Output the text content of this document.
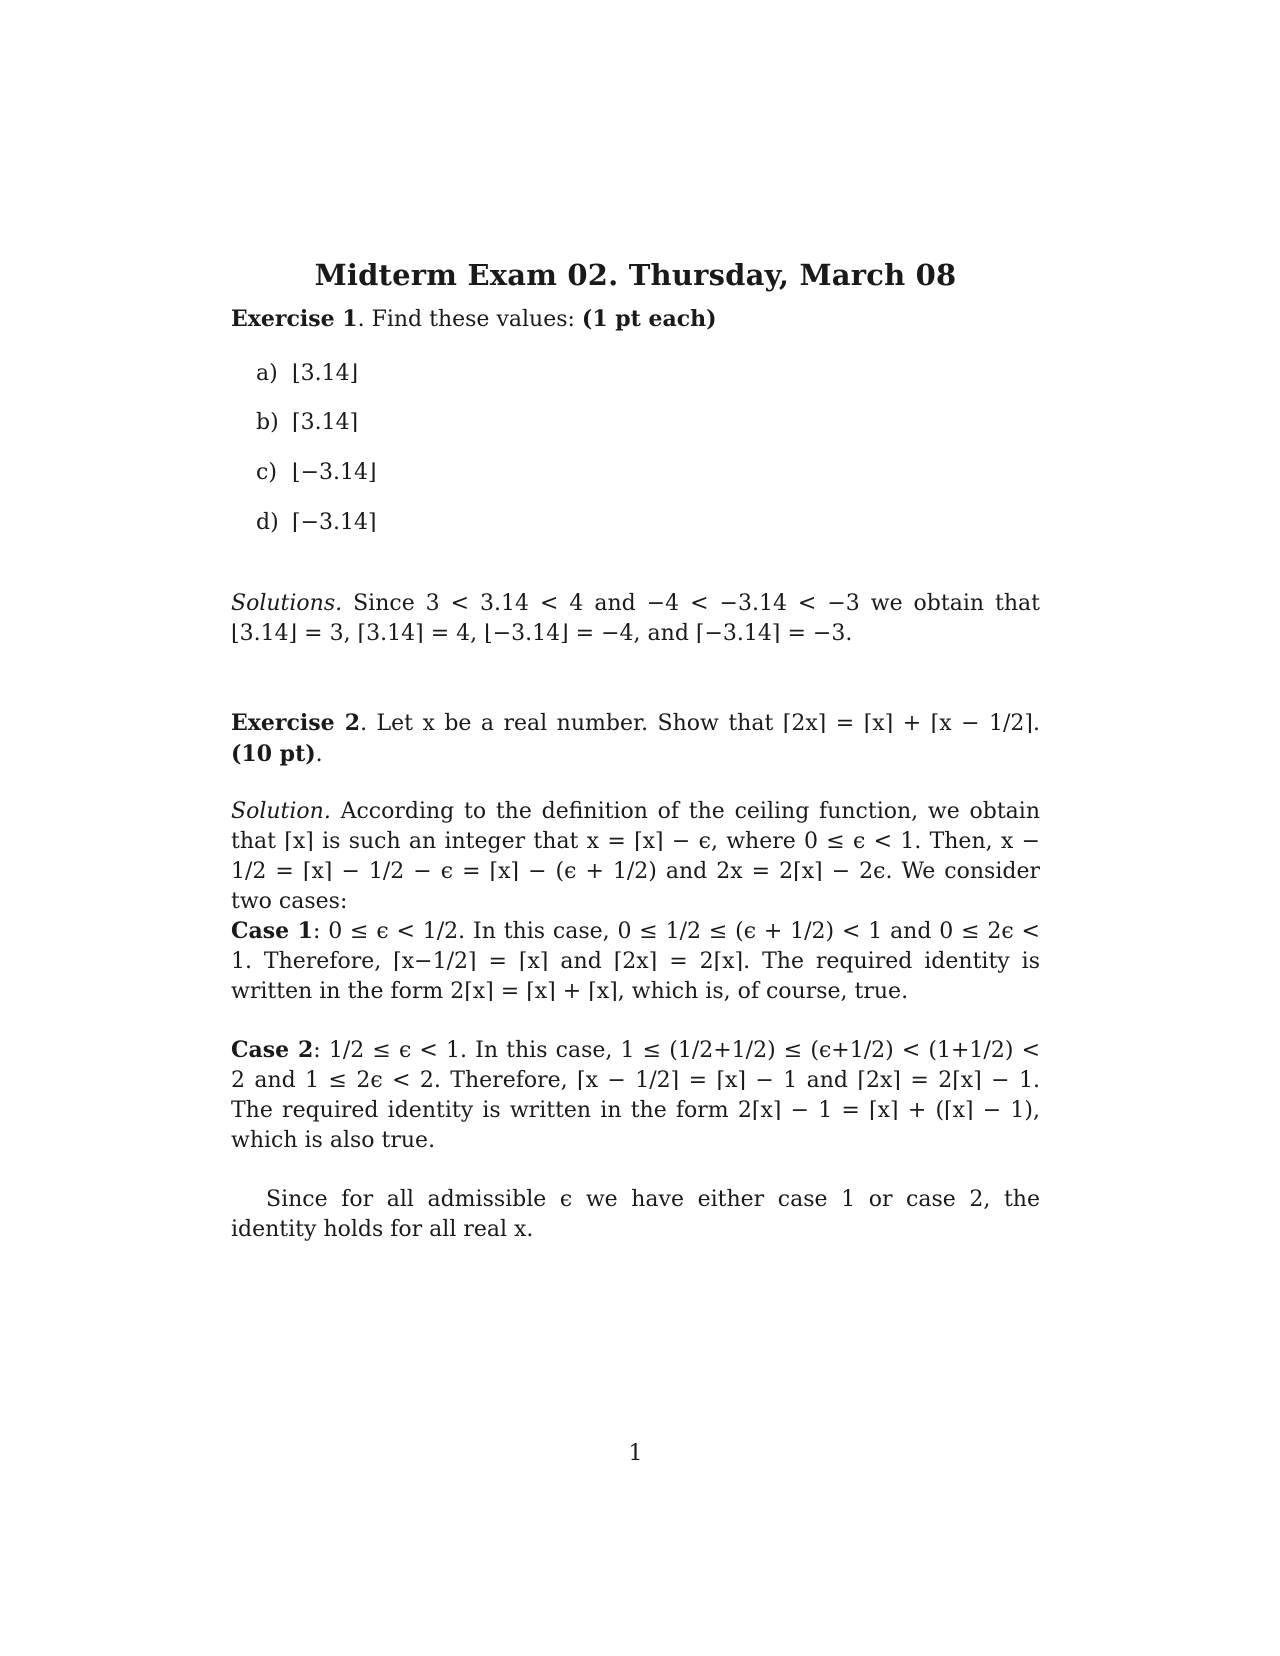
Midterm Exam 02. Thursday, March 08
Exercise 1. Find these values: (1 pt each)
a) ⌊3.14⌋
b) ⌈3.14⌉
c) ⌊−3.14⌋
d) ⌈−3.14⌉
Solutions. Since 3 < 3.14 < 4 and −4 < −3.14 < −3 we obtain that
⌊3.14⌋ = 3, ⌈3.14⌉ = 4, ⌊−3.14⌋ = −4, and ⌈−3.14⌉ = −3.
Exercise 2. Let x be a real number. Show that ⌈2x⌉ = ⌈x⌉ + ⌈x − 1/2⌉.
(10 pt).
Solution. According to the definition of the ceiling function, we obtain that ⌈x⌉ is such an integer that x = ⌈x⌉ − ϵ, where 0 ≤ ϵ < 1. Then, x − 1/2 = ⌈x⌉ − 1/2 − ϵ = ⌈x⌉ − (ϵ + 1/2) and 2x = 2⌈x⌉ − 2ϵ. We consider two cases:
Case 1: 0 ≤ ϵ < 1/2. In this case, 0 ≤ 1/2 ≤ (ϵ + 1/2) < 1 and 0 ≤ 2ϵ < 1. Therefore, ⌈x−1/2⌉ = ⌈x⌉ and ⌈2x⌉ = 2⌈x⌉. The required identity is written in the form 2⌈x⌉ = ⌈x⌉ + ⌈x⌉, which is, of course, true.
Case 2: 1/2 ≤ ϵ < 1. In this case, 1 ≤ (1/2+1/2) ≤ (ϵ+1/2) < (1+1/2) < 2 and 1 ≤ 2ϵ < 2. Therefore, ⌈x − 1/2⌉ = ⌈x⌉ − 1 and ⌈2x⌉ = 2⌈x⌉ − 1. The required identity is written in the form 2⌈x⌉ − 1 = ⌈x⌉ + (⌈x⌉ − 1), which is also true.
Since for all admissible ϵ we have either case 1 or case 2, the identity holds for all real x.
1
